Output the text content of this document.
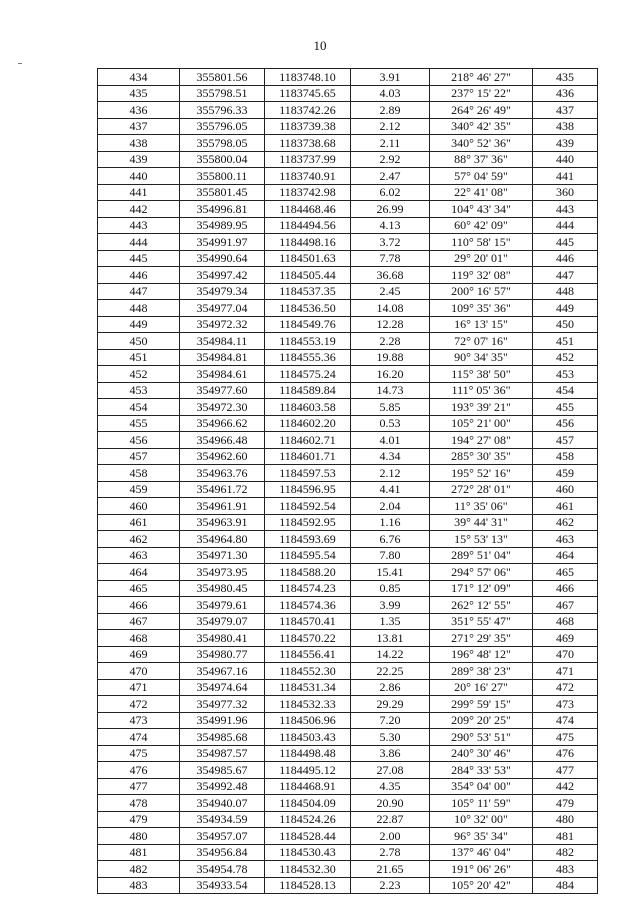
10
434	355801.56	1183748.10	3.91	218° 46' 27"	435
435	355798.51	1183745.65	4.03	237° 15' 22"	436
436	355796.33	1183742.26	2.89	264° 26' 49"	437
437	355796.05	1183739.38	2.12	340° 42' 35"	438
438	355798.05	1183738.68	2.11	340° 52' 36"	439
439	355800.04	1183737.99	2.92	88° 37' 36"	440
440	355800.11	1183740.91	2.47	57° 04' 59"	441
441	355801.45	1183742.98	6.02	22° 41' 08"	360
442	354996.81	1184468.46	26.99	104° 43' 34"	443
443	354989.95	1184494.56	4.13	60° 42' 09"	444
444	354991.97	1184498.16	3.72	110° 58' 15"	445
445	354990.64	1184501.63	7.78	29° 20' 01"	446
446	354997.42	1184505.44	36.68	119° 32' 08"	447
447	354979.34	1184537.35	2.45	200° 16' 57"	448
448	354977.04	1184536.50	14.08	109° 35' 36"	449
449	354972.32	1184549.76	12.28	16° 13' 15"	450
450	354984.11	1184553.19	2.28	72° 07' 16"	451
451	354984.81	1184555.36	19.88	90° 34' 35"	452
452	354984.61	1184575.24	16.20	115° 38' 50"	453
453	354977.60	1184589.84	14.73	111° 05' 36"	454
454	354972.30	1184603.58	5.85	193° 39' 21"	455
455	354966.62	1184602.20	0.53	105° 21' 00"	456
456	354966.48	1184602.71	4.01	194° 27' 08"	457
457	354962.60	1184601.71	4.34	285° 30' 35"	458
458	354963.76	1184597.53	2.12	195° 52' 16"	459
459	354961.72	1184596.95	4.41	272° 28' 01"	460
460	354961.91	1184592.54	2.04	11° 35' 06"	461
461	354963.91	1184592.95	1.16	39° 44' 31"	462
462	354964.80	1184593.69	6.76	15° 53' 13"	463
463	354971.30	1184595.54	7.80	289° 51' 04"	464
464	354973.95	1184588.20	15.41	294° 57' 06"	465
465	354980.45	1184574.23	0.85	171° 12' 09"	466
466	354979.61	1184574.36	3.99	262° 12' 55"	467
467	354979.07	1184570.41	1.35	351° 55' 47"	468
468	354980.41	1184570.22	13.81	271° 29' 35"	469
469	354980.77	1184556.41	14.22	196° 48' 12"	470
470	354967.16	1184552.30	22.25	289° 38' 23"	471
471	354974.64	1184531.34	2.86	20° 16' 27"	472
472	354977.32	1184532.33	29.29	299° 59' 15"	473
473	354991.96	1184506.96	7.20	209° 20' 25"	474
474	354985.68	1184503.43	5.30	290° 53' 51"	475
475	354987.57	1184498.48	3.86	240° 30' 46"	476
476	354985.67	1184495.12	27.08	284° 33' 53"	477
477	354992.48	1184468.91	4.35	354° 04' 00"	442
478	354940.07	1184504.09	20.90	105° 11' 59"	479
479	354934.59	1184524.26	22.87	10° 32' 00"	480
480	354957.07	1184528.44	2.00	96° 35' 34"	481
481	354956.84	1184530.43	2.78	137° 46' 04"	482
482	354954.78	1184532.30	21.65	191° 06' 26"	483
483	354933.54	1184528.13	2.23	105° 20' 42"	484
